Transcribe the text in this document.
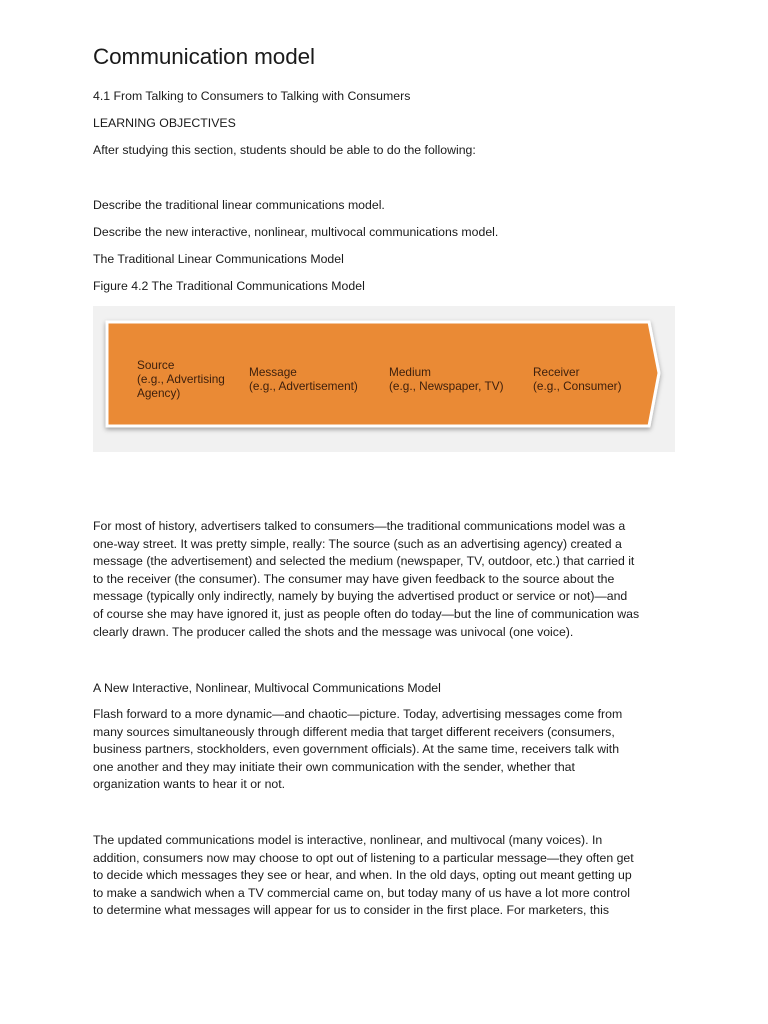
Communication model

4.1 From Talking to Consumers to Talking with Consumers

LEARNING OBJECTIVES

After studying this section, students should be able to do the following:

Describe the traditional linear communications model.

Describe the new interactive, nonlinear, multivocal communications model.

The Traditional Linear Communications Model

Figure 4.2 The Traditional Communications Model

Source
(e.g., Advertising
Agency)
Message
(e.g., Advertisement)
Medium
(e.g., Newspaper, TV)
Receiver
(e.g., Consumer)
For most of history, advertisers talked to consumers—the traditional communications model was a
one-way street. It was pretty simple, really: The source (such as an advertising agency) created a
message (the advertisement) and selected the medium (newspaper, TV, outdoor, etc.) that carried it
to the receiver (the consumer). The consumer may have given feedback to the source about the
message (typically only indirectly, namely by buying the advertised product or service or not)—and
of course she may have ignored it, just as people often do today—but the line of communication was
clearly drawn. The producer called the shots and the message was univocal (one voice).

A New Interactive, Nonlinear, Multivocal Communications Model

Flash forward to a more dynamic—and chaotic—picture. Today, advertising messages come from
many sources simultaneously through different media that target different receivers (consumers,
business partners, stockholders, even government officials). At the same time, receivers talk with
one another and they may initiate their own communication with the sender, whether that
organization wants to hear it or not.
The updated communications model is interactive, nonlinear, and multivocal (many voices). In
addition, consumers now may choose to opt out of listening to a particular message—they often get
to decide which messages they see or hear, and when. In the old days, opting out meant getting up
to make a sandwich when a TV commercial came on, but today many of us have a lot more control
to determine what messages will appear for us to consider in the first place. For marketers, this
